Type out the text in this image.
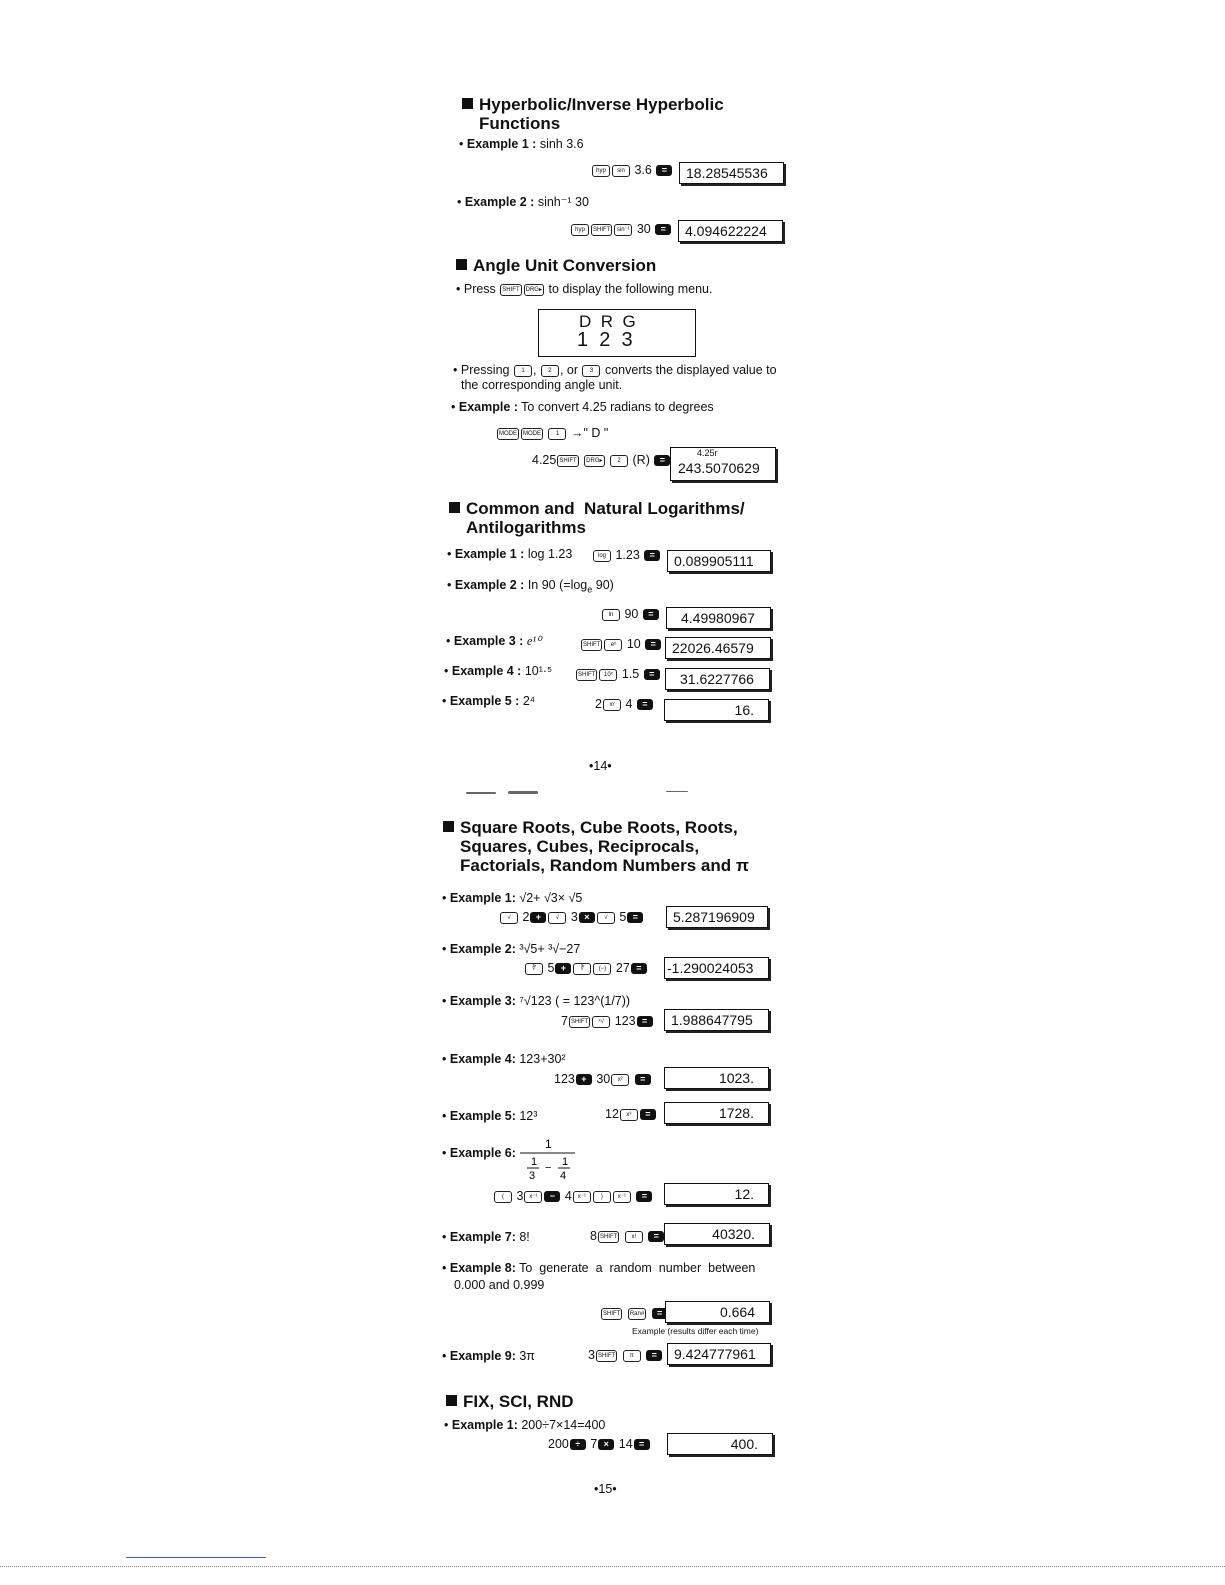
Hyperbolic/Inverse Hyperbolic
Functions
• Example 1 : sinh 3.6
hyp sin 3.6 =	18.28545536
• Example 2 : sinh⁻¹ 30
hyp SHIFT sin⁻¹ 30 =	4.094622224
Angle Unit Conversion
• Press SHIFT DRG▸ to display the following menu.
D  R  G
1  2  3
• Pressing 1 , 2 , or 3 converts the displayed value to
the corresponding angle unit.
• Example : To convert 4.25 radians to degrees
MODE MODE 1 →" D "
4.25 SHIFT DRG▸ 2 (R) =
4.25r
243.5070629
Common and  Natural Logarithms/
Antilogarithms
• Example 1 : log 1.23	log 1.23 =	0.089905111
• Example 2 : In 90 ($=\log_e$ 90)
ln 90 =	4.49980967
• Example 3 : e¹⁰	SHIFT eˣ 10 =	22026.46579
• Example 4 : 10¹·⁵	SHIFT 10ˣ 1.5 =	31.6227766
• Example 5 : 2⁴	2 xʸ 4 =	16.
•14•
Square Roots, Cube Roots, Roots,
Squares, Cubes, Reciprocals,
Factorials, Random Numbers and π
• Example 1: √2+ √3× √5
√ 2 + √ 3 × √ 5 =	5.287196909
• Example 2: ³√5+ ³√−27
∛ 5 + ∛ (−) 27 =	-1.290024053
• Example 3: ⁷√123 ( = 123^(1/7))
7 SHIFT ˣ√ 123 =	1.988647795
• Example 4: 123+30²
123 + 30 x² =	1023.
• Example 5: 12³	12 x³ =	1728.
• Example 6:
1
1
3
− 1
4
( 3 x⁻¹ − 4 x⁻¹ ) x⁻¹ =	12.
• Example 7: 8!	8 SHIFT x! =	40320.
• Example 8: To  generate  a  random  number  between
0.000 and 0.999
SHIFT Ran# =	0.664
Example (results differ each time)
• Example 9: 3π	3 SHIFT π =	9.424777961
FIX, SCI, RND
• Example 1: 200÷7×14=400
200 ÷ 7 × 14 =	400.
•15•
